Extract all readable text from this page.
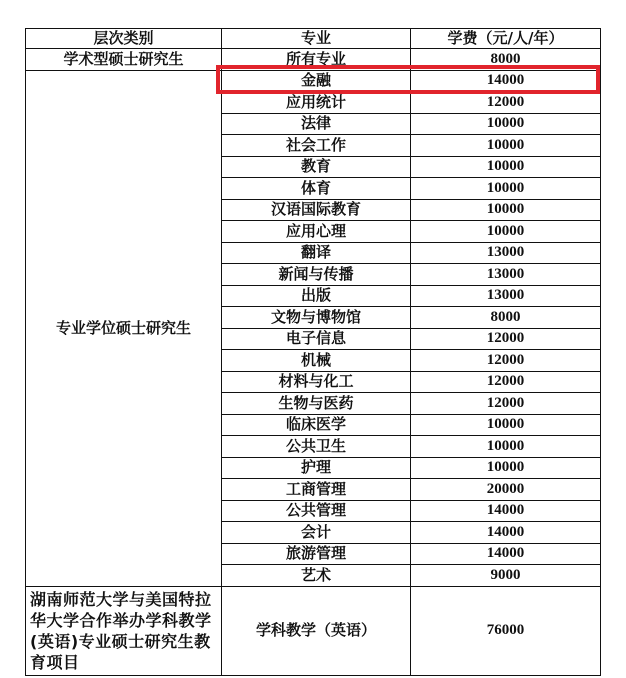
层次类别	专业	学费（元/人/年）
学术型硕士研究生	所有专业	8000
专业学位硕士研究生	金融	14000
	应用统计	12000
	法律	10000
	社会工作	10000
	教育	10000
	体育	10000
	汉语国际教育	10000
	应用心理	10000
	翻译	13000
	新闻与传播	13000
	出版	13000
	文物与博物馆	8000
	电子信息	12000
	机械	12000
	材料与化工	12000
	生物与医药	12000
	临床医学	10000
	公共卫生	10000
	护理	10000
	工商管理	20000
	公共管理	14000
	会计	14000
	旅游管理	14000
	艺术	9000
湖南师范大学与美国特拉华大学合作举办学科教学(英语)专业硕士研究生教育项目	学科教学（英语）	76000
